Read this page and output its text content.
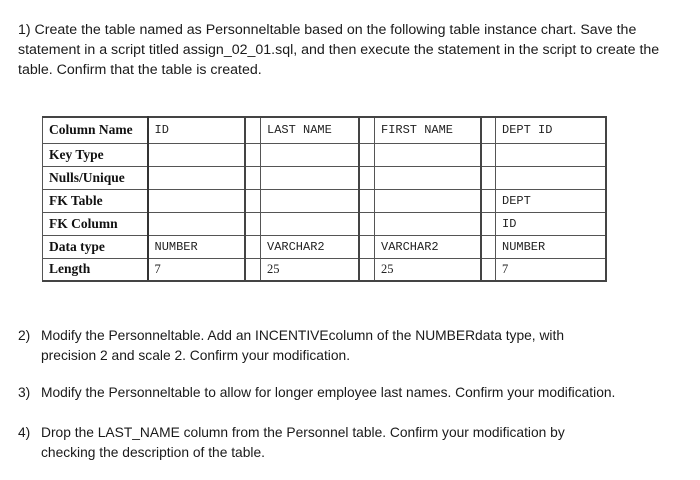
1) Create the table named as Personneltable based on the following table instance chart. Save the
statement in a script titled assign_02_01.sql, and then execute the statement in the script to create the
table. Confirm that the table is created.
Column Name	ID		LAST NAME		FIRST NAME		DEPT ID
Key Type							
Nulls/Unique							
FK Table							DEPT
FK Column							ID
Data type	NUMBER		VARCHAR2		VARCHAR2		NUMBER
Length	7		25		25		7
2) Modify the Personneltable. Add an INCENTIVEcolumn of the NUMBERdata type, with
precision 2 and scale 2. Confirm your modification.
3) Modify the Personneltable to allow for longer employee last names. Confirm your modification.
4) Drop the LAST_NAME column from the Personnel table. Confirm your modification by
checking the description of the table.
